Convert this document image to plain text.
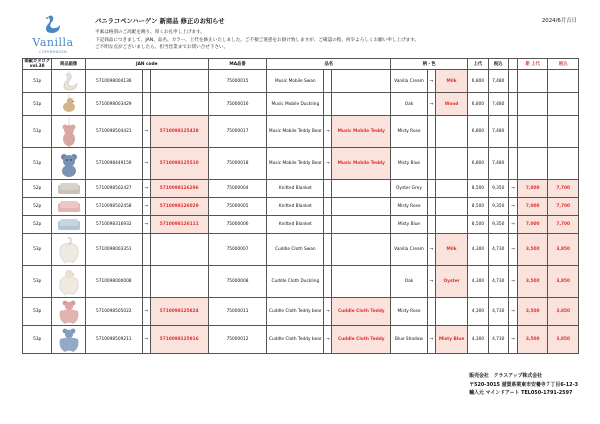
Vanilla
COPENHAGEN
バニラコペンハーゲン 新商品 修正のお知らせ	2024/6月吉日
平素は格別のご高配を賜り、厚くお礼申し上げます。
下記商品につきまして、JAN、品名、カラー、上代を修正いたしました。ご不便ご迷惑をお掛け致しますが、ご確認の程、何卒よろしくお願い申し上げます。
ご不明な点がございましたら、担当営業までお問い合せ下さい。
掲載カタログ
vol.38	商品画像	JAN code			MA品番	品名			柄・色			上代	税込		新 上代	税込
51p		5710098004136			75000015	Music Mobile Swan			Vanilla Cream	→	Milk	6,800	7,480			
51p		5710098003429			75000016	Music Mobile Duckling			Oak	→	Wood	6,800	7,480			
51p		5710098504421	→	5710098125428	75000017	Music Mobile Teddy Bear	→	Music Mobile Teddy	Misty Rose			6,800	7,480			
51p		5710098449159	→	5710098125510	75000018	Music Mobile Teddy Bear	→	Music Mobile Teddy	Misty Blue			6,800	7,480			
52p		5710098502427	→	5710098126296	75000004	Knitted Blanket			Oyster Grey			8,500	9,350	→	7,000	7,700
52p		5710098502458	→	5710098126029	75000005	Knitted Blanket			Misty Rose			8,500	9,350	→	7,000	7,700
52p		5710098316932	→	5710098126111	75000006	Knitted Blanket			Misty Blue			8,500	9,350	→	7,000	7,700
53p		5710098003351			75000007	Cuddle Cloth Swan			Vanilla Cream	→	Milk	4,300	4,730	→	3,500	3,850
53p		5710098000008			75000008	Cuddle Cloth Duckling			Oak	→	Oyster	4,300	4,730	→	3,500	3,850
53p		5710098505022	→	5710098125824	75000011	Cuddle Cloth Teddy bear	→	Cuddle Cloth Teddy	Misty Rose			4,300	4,730	→	3,500	3,850
53p		5710098509211	→	5710098125916	75000012	Cuddle Cloth Teddy bear	→	Cuddle Cloth Teddy	Blue Shadow	→	Misty Blue	4,300	4,730	→	3,500	3,850
販売会社　クラスアップ株式会社
〒520-3015 滋賀県栗東市安養寺７丁目6-12-3
輸入元 マインドアート TEL050-1791-2597
